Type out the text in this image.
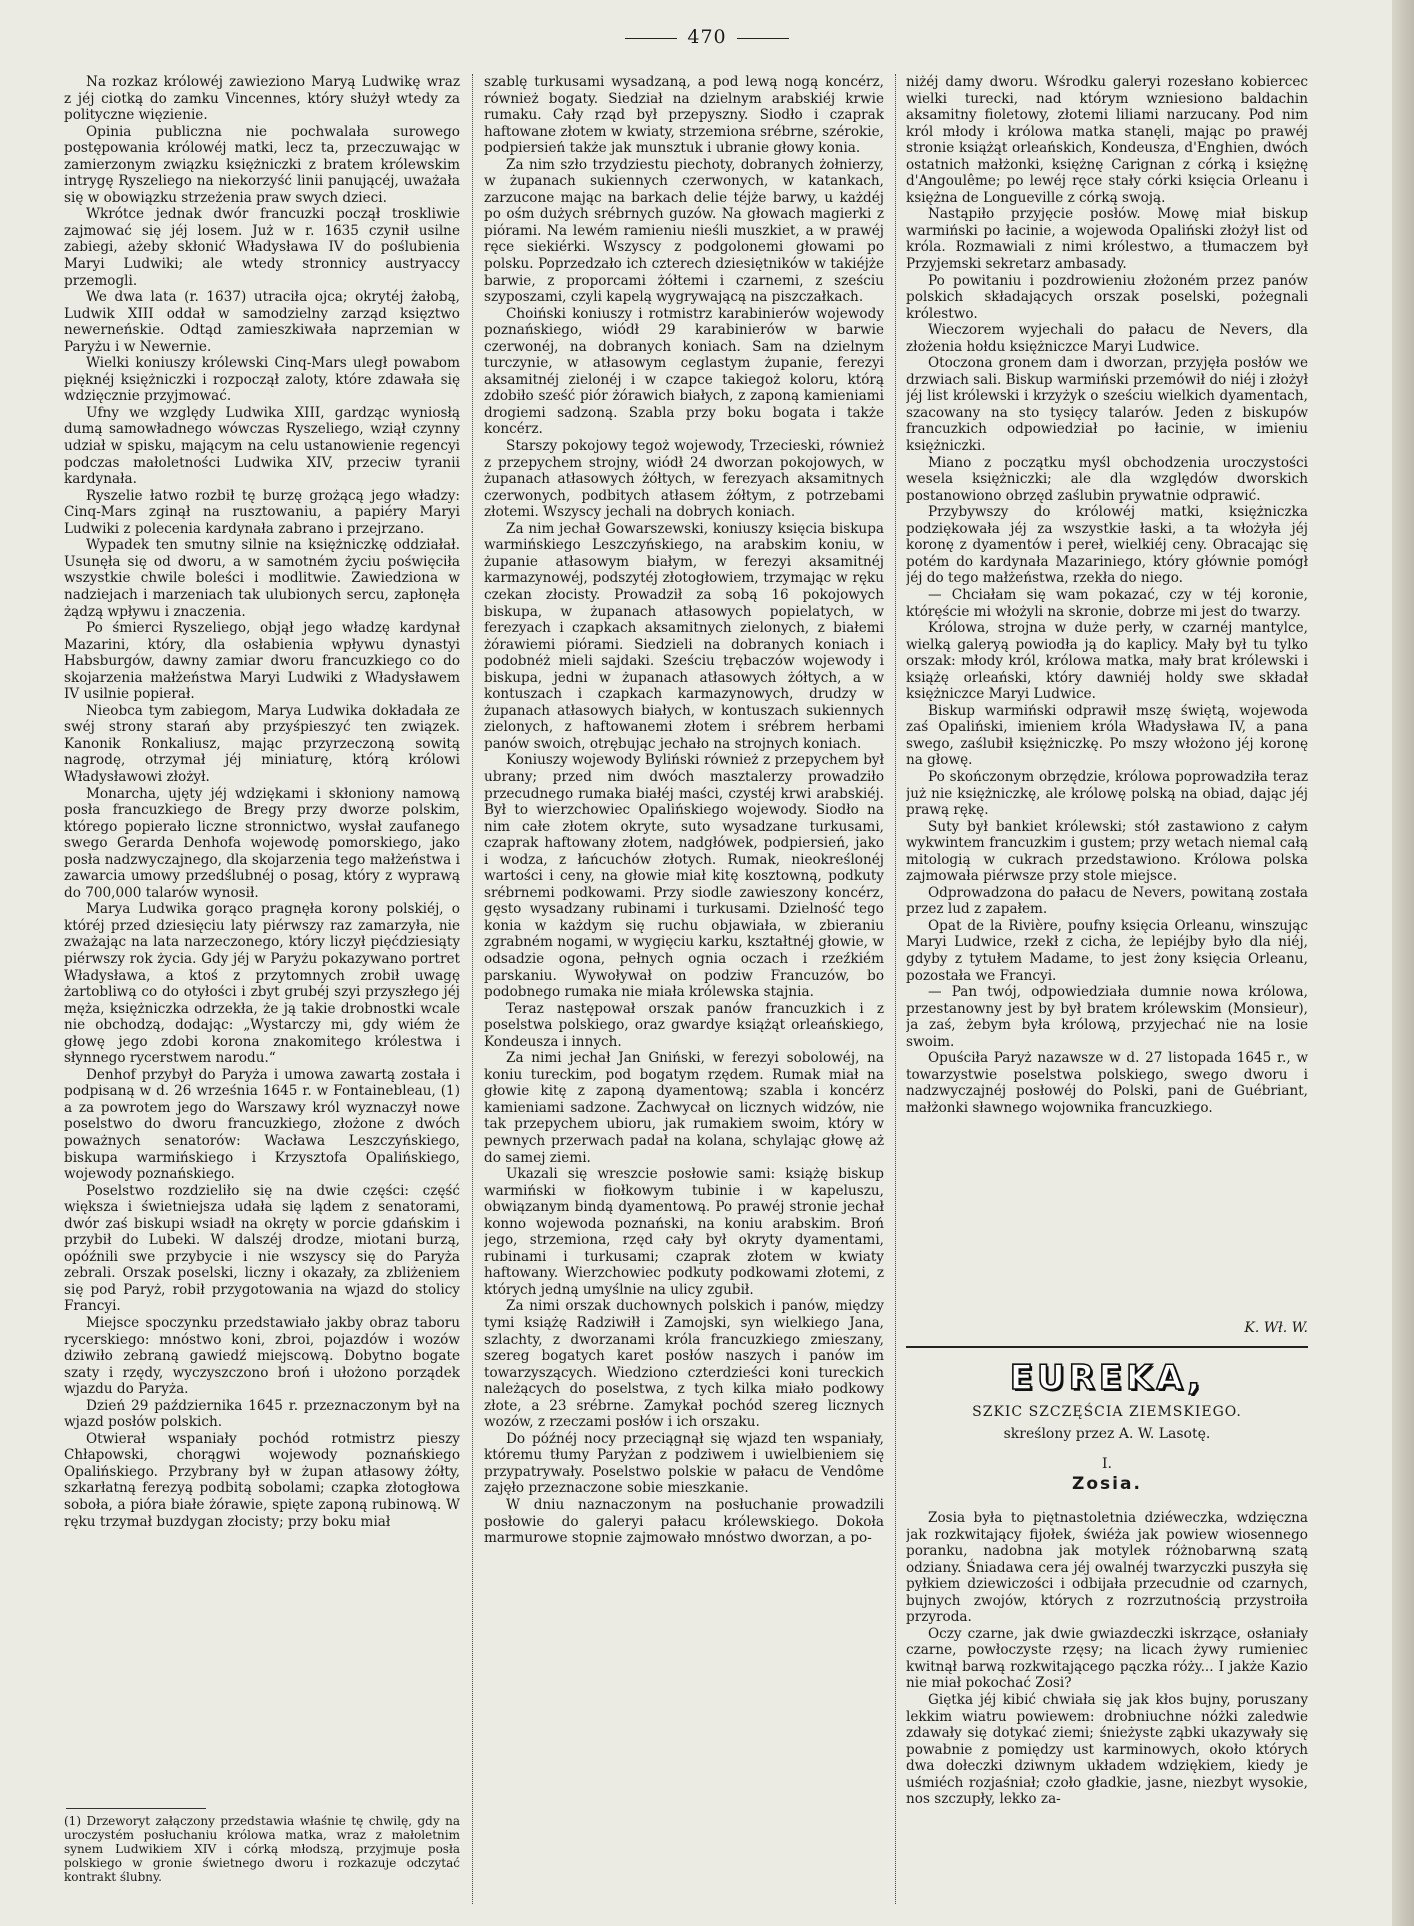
470

Na rozkaz królowéj zawieziono Maryą Ludwikę wraz z jéj ciotką do zamku Vincennes, który służył wtedy za polityczne więzienie.

Opinia publiczna nie pochwalała surowego postępowania królowéj matki, lecz ta, przeczuwając w zamierzonym związku księżniczki z bratem królewskim intrygę Ryszeliego na niekorzyść linii panującéj, uważała się w obowiązku strzeżenia praw swych dzieci.

Wkrótce jednak dwór francuzki począł troskliwie zajmować się jéj losem. Już w r. 1635 czynił usilne zabiegi, ażeby skłonić Władysława IV do poślubienia Maryi Ludwiki; ale wtedy stronnicy austryaccy przemogli.

We dwa lata (r. 1637) utraciła ojca; okrytéj żałobą, Ludwik XIII oddał w samodzielny zarząd księztwo newerneńskie. Odtąd zamieszkiwała naprzemian w Paryżu i w Newernie.

Wielki koniuszy królewski Cinq-Mars uległ powabom pięknéj księżniczki i rozpoczął zaloty, które zdawała się wdzięcznie przyjmować.

Ufny we względy Ludwika XIII, gardząc wyniosłą dumą samowładnego wówczas Ryszeliego, wziął czynny udział w spisku, mającym na celu ustanowienie regencyi podczas małoletności Ludwika XIV, przeciw tyranii kardynała.

Ryszelie łatwo rozbił tę burzę grożącą jego władzy: Cinq-Mars zginął na rusztowaniu, a papiéry Maryi Ludwiki z polecenia kardynała zabrano i przejrzano.

Wypadek ten smutny silnie na księżniczkę oddziałał. Usunęła się od dworu, a w samotném życiu poświęciła wszystkie chwile boleści i modlitwie. Zawiedziona w nadziejach i marzeniach tak ulubionych sercu, zapłonęła żądzą wpływu i znaczenia.

Po śmierci Ryszeliego, objął jego władzę kardynał Mazarini, który, dla osłabienia wpływu dynastyi Habsburgów, dawny zamiar dworu francuzkiego co do skojarzenia małżeństwa Maryi Ludwiki z Władysławem IV usilnie popierał.

Nieobca tym zabiegom, Marya Ludwika dokładała ze swéj strony starań aby przyśpieszyć ten związek. Kanonik Ronkaliusz, mając przyrzeczoną sowitą nagrodę, otrzymał jéj miniaturę, którą królowi Władysławowi złożył.

Monarcha, ujęty jéj wdziękami i skłoniony namową posła francuzkiego de Bregy przy dworze polskim, którego popierało liczne stronnictwo, wysłał zaufanego swego Gerarda Denhofa wojewodę pomorskiego, jako posła nadzwyczajnego, dla skojarzenia tego małżeństwa i zawarcia umowy przedślubnéj o posag, który z wyprawą do 700,000 talarów wynosił.

Marya Ludwika gorąco pragnęła korony polskiéj, o któréj przed dziesięciu laty piérwszy raz zamarzyła, nie zważając na lata narzeczonego, który liczył pięćdziesiąty piérwszy rok życia. Gdy jéj w Paryżu pokazywano portret Władysława, a ktoś z przytomnych zrobił uwagę żartobliwą co do otyłości i zbyt grubéj szyi przyszłego jéj męża, księżniczka odrzekła, że ją takie drobnostki wcale nie obchodzą, dodając: „Wystarczy mi, gdy wiém że głowę jego zdobi korona znakomitego królestwa i słynnego rycerstwem narodu.“

Denhof przybył do Paryża i umowa zawartą została i podpisaną w d. 26 września 1645 r. w Fontainebleau, (1) a za powrotem jego do Warszawy król wyznaczył nowe poselstwo do dworu francuzkiego, złożone z dwóch poważnych senatorów: Wacława Leszczyńskiego, biskupa warmińskiego i Krzysztofa Opalińskiego, wojewody poznańskiego.

Poselstwo rozdzieliło się na dwie części: część większa i świetniejsza udała się lądem z senatorami, dwór zaś biskupi wsiadł na okręty w porcie gdańskim i przybił do Lubeki. W dalszéj drodze, miotani burzą, opóźnili swe przybycie i nie wszyscy się do Paryża zebrali. Orszak poselski, liczny i okazały, za zbliżeniem się pod Paryż, robił przygotowania na wjazd do stolicy Francyi.

Miejsce spoczynku przedstawiało jakby obraz taboru rycerskiego: mnóstwo koni, zbroi, pojazdów i wozów dziwiło zebraną gawiedź miejscową. Dobytno bogate szaty i rzędy, wyczyszczono broń i ułożono porządek wjazdu do Paryża.

Dzień 29 października 1645 r. przeznaczonym był na wjazd posłów polskich.

Otwierał wspaniały pochód rotmistrz pieszy Chłapowski, chorągwi wojewody poznańskiego Opalińskiego. Przybrany był w żupan atłasowy żółty, szkarłatną ferezyą podbitą sobolami; czapka złotogłowa soboła, a pióra białe żórawie, spięte zaponą rubinową. W ręku trzymał buzdygan złocisty; przy boku miał

(1) Drzeworyt załączony przedstawia właśnie tę chwilę, gdy na uroczystém posłuchaniu królowa matka, wraz z małoletnim synem Ludwikiem XIV i córką młodszą, przyjmuje posła polskiego w gronie świetnego dworu i rozkazuje odczytać kontrakt ślubny.

szablę turkusami wysadzaną, a pod lewą nogą koncérz, również bogaty. Siedział na dzielnym arabskiéj krwie rumaku. Cały rząd był przepyszny. Siodło i czaprak haftowane złotem w kwiaty, strzemiona srébrne, szérokie, podpiersień także jak munsztuk i ubranie głowy konia.

Za nim szło trzydziestu piechoty, dobranych żołnierzy, w żupanach sukiennych czerwonych, w katankach, zarzucone mając na barkach delie téjże barwy, u każdéj po ośm dużych srébrnych guzów. Na głowach magierki z piórami. Na lewém ramieniu nieśli muszkiet, a w prawéj ręce siekiérki. Wszyscy z podgolonemi głowami po polsku. Poprzedzało ich czterech dziesiętników w takiéjże barwie, z proporcami żółtemi i czarnemi, z sześciu szyposzami, czyli kapelą wygrywającą na piszczałkach.

Choiński koniuszy i rotmistrz karabinierów wojewody poznańskiego, wiódł 29 karabinierów w barwie czerwonéj, na dobranych koniach. Sam na dzielnym turczynie, w atłasowym ceglastym żupanie, ferezyi aksamitnéj zielonéj i w czapce takiegoż koloru, którą zdobiło sześć piór żórawich białych, z zaponą kamieniami drogiemi sadzoną. Szabla przy boku bogata i także koncérz.

Starszy pokojowy tegoż wojewody, Trzecieski, również z przepychem strojny, wiódł 24 dworzan pokojowych, w żupanach atłasowych żółtych, w ferezyach aksamitnych czerwonych, podbitych atłasem żółtym, z potrzebami złotemi. Wszyscy jechali na dobrych koniach.

Za nim jechał Gowarszewski, koniuszy księcia biskupa warmińskiego Leszczyńskiego, na arabskim koniu, w żupanie atłasowym białym, w ferezyi aksamitnéj karmazynowéj, podszytéj złotogłowiem, trzymając w ręku czekan złocisty. Prowadził za sobą 16 pokojowych biskupa, w żupanach atłasowych popielatych, w ferezyach i czapkach aksamitnych zielonych, z białemi żórawiemi piórami. Siedzieli na dobranych koniach i podobnéż mieli sajdaki. Sześciu trębaczów wojewody i biskupa, jedni w żupanach atłasowych żółtych, a w kontuszach i czapkach karmazynowych, drudzy w żupanach atłasowych białych, w kontuszach sukiennych zielonych, z haftowanemi złotem i srébrem herbami panów swoich, otrębując jechało na strojnych koniach.

Koniuszy wojewody Byliński również z przepychem był ubrany; przed nim dwóch masztalerzy prowadziło przecudnego rumaka białéj maści, czystéj krwi arabskiéj. Był to wierzchowiec Opalińskiego wojewody. Siodło na nim całe złotem okryte, suto wysadzane turkusami, czaprak haftowany złotem, nadgłówek, podpiersień, jako i wodza, z łańcuchów złotych. Rumak, nieokreślonéj wartości i ceny, na głowie miał kitę kosztowną, podkuty srébrnemi podkowami. Przy siodle zawieszony koncérz, gęsto wysadzany rubinami i turkusami. Dzielność tego konia w każdym się ruchu objawiała, w zbieraniu zgrabném nogami, w wygięciu karku, kształtnéj głowie, w odsadzie ogona, pełnych ognia oczach i rzeźkiém parskaniu. Wywoływał on podziw Francuzów, bo podobnego rumaka nie miała królewska stajnia.

Teraz następował orszak panów francuzkich i z poselstwa polskiego, oraz gwardye książąt orleańskiego, Kondeusza i innych.

Za nimi jechał Jan Gniński, w ferezyi sobolowéj, na koniu tureckim, pod bogatym rzędem. Rumak miał na głowie kitę z zaponą dyamentową; szabla i koncérz kamieniami sadzone. Zachwycał on licznych widzów, nie tak przepychem ubioru, jak rumakiem swoim, który w pewnych przerwach padał na kolana, schylając głowę aż do samej ziemi.

Ukazali się wreszcie posłowie sami: książę biskup warmiński w fiołkowym tubinie i w kapeluszu, obwiązanym bindą dyamentową. Po prawéj stronie jechał konno wojewoda poznański, na koniu arabskim. Broń jego, strzemiona, rzęd cały był okryty dyamentami, rubinami i turkusami; czaprak złotem w kwiaty haftowany. Wierzchowiec podkuty podkowami złotemi, z których jedną umyślnie na ulicy zgubił.

Za nimi orszak duchownych polskich i panów, między tymi książę Radziwiłł i Zamojski, syn wielkiego Jana, szlachty, z dworzanami króla francuzkiego zmieszany, szereg bogatych karet posłów naszych i panów im towarzyszących. Wiedziono czterdzieści koni tureckich należących do poselstwa, z tych kilka miało podkowy złote, a 23 srébrne. Zamykał pochód szereg licznych wozów, z rzeczami posłów i ich orszaku.

Do późnéj nocy przeciągnął się wjazd ten wspaniały, któremu tłumy Paryżan z podziwem i uwielbieniem się przypatrywały. Poselstwo polskie w pałacu de Vendôme zajęło przeznaczone sobie mieszkanie.

W dniu naznaczonym na posłuchanie prowadzili posłowie do galeryi pałacu królewskiego. Dokoła marmurowe stopnie zajmowało mnóstwo dworzan, a po-

niżéj damy dworu. Wśrodku galeryi rozesłano kobiercec wielki turecki, nad którym wzniesiono baldachin aksamitny fioletowy, złotemi liliami narzucany. Pod nim król młody i królowa matka stanęli, mając po prawéj stronie książąt orleańskich, Kondeusza, d'Enghien, dwóch ostatnich małżonki, księżnę Carignan z córką i księżnę d'Angoulême; po lewéj ręce stały córki księcia Orleanu i księżna de Longueville z córką swoją.

Nastąpiło przyjęcie posłów. Mowę miał biskup warmiński po łacinie, a wojewoda Opaliński złożył list od króla. Rozmawiali z nimi królestwo, a tłumaczem był Przyjemski sekretarz ambasady.

Po powitaniu i pozdrowieniu złożoném przez panów polskich składających orszak poselski, pożegnali królestwo.

Wieczorem wyjechali do pałacu de Nevers, dla złożenia hołdu księżniczce Maryi Ludwice.

Otoczona gronem dam i dworzan, przyjęła posłów we drzwiach sali. Biskup warmiński przemówił do niéj i złożył jéj list królewski i krzyżyk o sześciu wielkich dyamentach, szacowany na sto tysięcy talarów. Jeden z biskupów francuzkich odpowiedział po łacinie, w imieniu księżniczki.

Miano z początku myśl obchodzenia uroczystości wesela księżniczki; ale dla względów dworskich postanowiono obrzęd zaślubin prywatnie odprawić.

Przybywszy do królowéj matki, księżniczka podziękowała jéj za wszystkie łaski, a ta włożyła jéj koronę z dyamentów i pereł, wielkiéj ceny. Obracając się potém do kardynała Mazariniego, który głównie pomógł jéj do tego małżeństwa, rzekła do niego.

— Chciałam się wam pokazać, czy w téj koronie, któręście mi włożyli na skronie, dobrze mi jest do twarzy.

Królowa, strojna w duże perły, w czarnéj mantylce, wielką galeryą powiodła ją do kaplicy. Mały był tu tylko orszak: młody król, królowa matka, mały brat królewski i książę orleański, który dawniéj holdy swe składał księżniczce Maryi Ludwice.

Biskup warmiński odprawił mszę świętą, wojewoda zaś Opaliński, imieniem króla Władysława IV, a pana swego, zaślubił księżniczkę. Po mszy włożono jéj koronę na głowę.

Po skończonym obrzędzie, królowa poprowadziła teraz już nie księżniczkę, ale królowę polską na obiad, dając jéj prawą rękę.

Suty był bankiet królewski; stół zastawiono z całym wykwintem francuzkim i gustem; przy wetach niemal całą mitologią w cukrach przedstawiono. Królowa polska zajmowała piérwsze przy stole miejsce.

Odprowadzona do pałacu de Nevers, powitaną została przez lud z zapałem.

Opat de la Rivière, poufny księcia Orleanu, winszując Maryi Ludwice, rzekł z cicha, że lepiéjby było dla niéj, gdyby z tytułem Madame, to jest żony księcia Orleanu, pozostała we Francyi.

— Pan twój, odpowiedziała dumnie nowa królowa, przestanowny jest by był bratem królewskim (Monsieur), ja zaś, żebym była królową, przyjechać nie na losie swoim.

Opuściła Paryż nazawsze w d. 27 listopada 1645 r., w towarzystwie poselstwa polskiego, swego dworu i nadzwyczajnéj posłowéj do Polski, pani de Guébriant, małżonki sławnego wojownika francuzkiego.

K. Wł. W.
EUREKA,
SZKIC SZCZĘŚCIA ZIEMSKIEGO.
skreślony przez A. W. Lasotę.
I.
Zosia.

Zosia była to piętnastoletnia dziéweczka, wdzięczna jak rozkwitający fijołek, świéża jak powiew wiosennego poranku, nadobna jak motylek różnobarwną szatą odziany. Śniadawa cera jéj owalnéj twarzyczki puszyła się pyłkiem dziewiczości i odbijała przecudnie od czarnych, bujnych zwojów, których z rozrzutnością przystroiła przyroda.

Oczy czarne, jak dwie gwiazdeczki iskrzące, osłaniały czarne, powłoczyste rzęsy; na licach żywy rumieniec kwitnął barwą rozkwitającego pączka róży... I jakże Kazio nie miał pokochać Zosi?

Giętka jéj kibić chwiała się jak kłos bujny, poruszany lekkim wiatru powiewem: drobniuchne nóżki zaledwie zdawały się dotykać ziemi; śnieżyste ząbki ukazywały się powabnie z pomiędzy ust karminowych, około których dwa dołeczki dziwnym układem wdziękiem, kiedy je uśmiéch rozjaśniał; czoło gładkie, jasne, niezbyt wysokie, nos szczupły, lekko za-
